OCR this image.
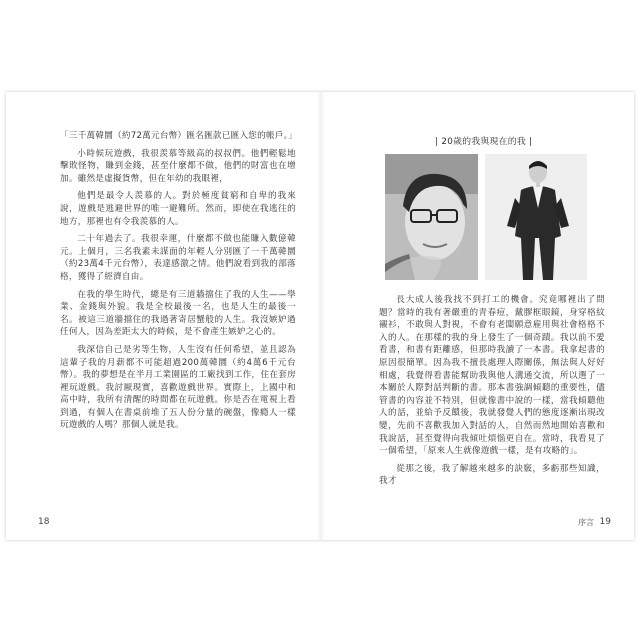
「三千萬韓圜（約72萬元台幣）匯名匯款已匯入您的帳戶。」

小時候玩遊戲，我很羨慕等級高的叔叔們。他們輕鬆地擊敗怪物，賺到金錢，甚至什麼都不做，他們的財富也在增加。雖然是虛擬貨幣，但在年幼的我眼裡，

他們是最令人羨慕的人。對於極度貧窮和自卑的我來說，遊戲是逃避世界的唯一避難所。然而，即使在我逃往的地方，那裡也有令我羨慕的人。

二十年過去了。我很幸運，什麼都不做也能賺入數億韓元。上個月，三名我素未謀面的年輕人分別匯了一千萬韓圜（約23萬4千元台幣），表達感激之情。他們說看到我的部落格，獲得了經濟自由。

在我的學生時代，總是有三道牆擋住了我的人生——學業、金錢與外貌。我是全校最後一名，也是人生的最後一名。被這三道牆擋住的我過著寄居蟹般的人生。我沒嫉妒過任何人，因為差距太大的時候，是不會產生嫉妒之心的。

我深信自己是劣等生物，人生沒有任何希望，並且認為這輩子我的月薪都不可能超過200萬韓圜（約4萬6千元台幣）。我的夢想是在半月工業園區的工廠找到工作，住在套房裡玩遊戲。我討厭現實，喜歡遊戲世界。實際上，上國中和高中時，我所有清醒的時間都在玩遊戲。你是否在電視上看到過，有個人在書桌前堆了五人份分量的碗盤，像瘾人一樣玩遊戲的人嗎？那個人就是我。

18
| 20歲的我與現在的我 |

長大成人後我找不到打工的機會。究竟哪裡出了問題？當時的我有著嚴重的青春痘，戴膠框眼鏡，身穿格紋襯衫，不敢與人對視，不會有老闆願意雇用與社會格格不入的人。在那樣的我的身上發生了一個奇蹟。我以前不愛看書，和書有距離感，但那時我讀了一本書。我拿起書的原因很簡單。因為我不擅長處理人際關係，無法與人好好相處，我覺得看書能幫助我與他人溝通交流，所以選了一本關於人際對話判斷的書。那本書強調傾聽的重要性，儘管書的內容並不特別，但就像書中說的一樣，當我傾聽他人的話，並給予反饋後，我就發覺人們的態度逐漸出現改變，先前不喜歡我加入對話的人，自然而然地開始喜歡和我說話，甚至覺得向我傾吐煩惱更自在。當時，我看見了一個希望，「原來人生就像遊戲一樣，是有攻略的」。

從那之後，我了解越來越多的訣竅，多虧那些知識，我才

序言 19
